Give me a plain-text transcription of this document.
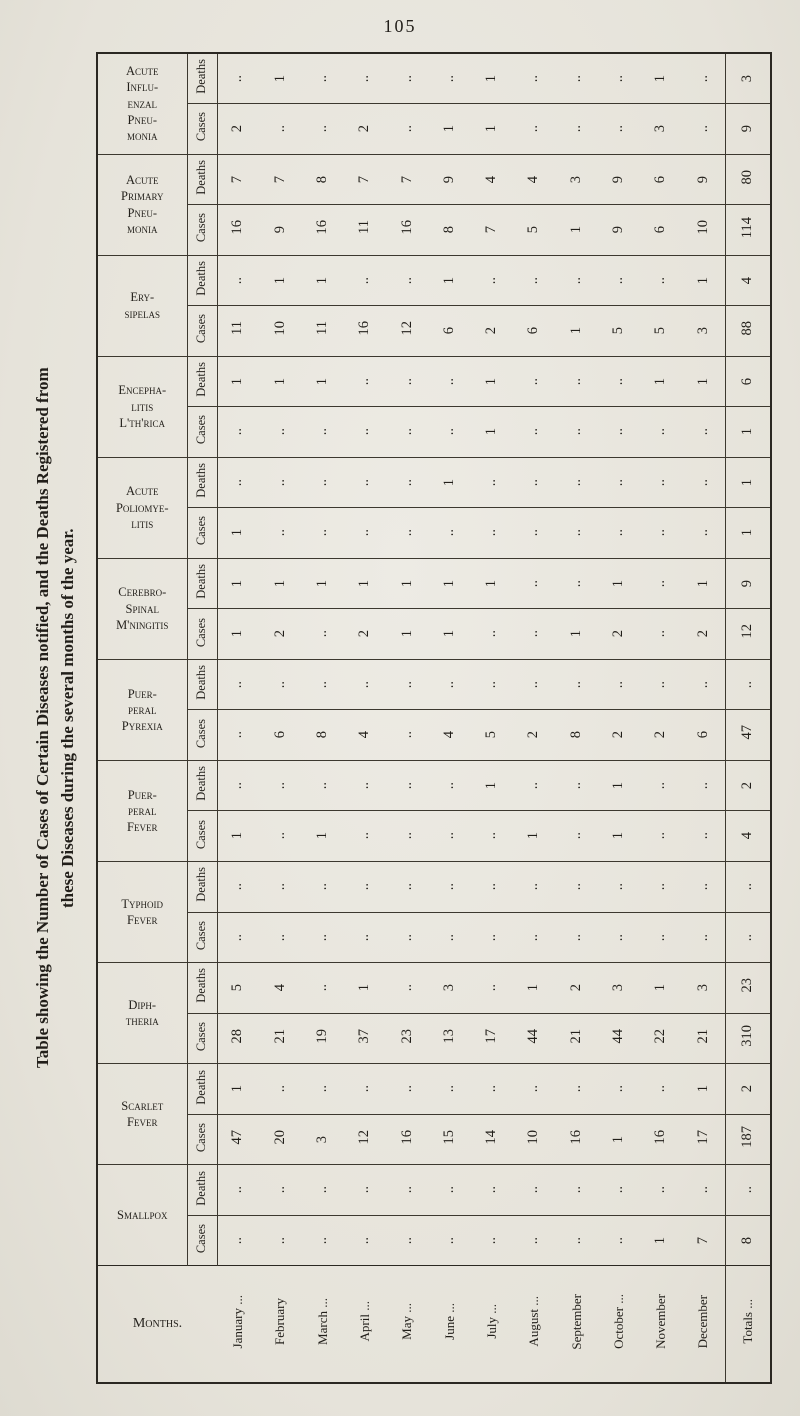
105
Table showing the Number of Cases of Certain Diseases notified, and the Deaths Registered from these Diseases during the several months of the year.
Acute
Influ-
enzal
Pneu-
monia	Deaths	..	1	..	..	..	..	1	..	..	..	1	..	3
	Cases	2	..	..	2	..	1	1	..	..	..	3	..	9

Acute
Primary
Pneu-
monia	Deaths	7	7	8	7	7	9	4	4	3	9	6	9	80
	Cases	16	9	16	11	16	8	7	5	1	9	6	10	114

Ery-
sipelas	Deaths	..	1	1	..	..	1	..	..	..	..	..	1	4
	Cases	11	10	11	16	12	6	2	6	1	5	5	3	88

Encepha-
litis
L'th'rica	Deaths	1	1	1	..	..	..	1	..	..	..	1	1	6
	Cases	..	..	..	..	..	..	1	..	..	..	..	..	1

Acute
Poliomye-
litis	Deaths	..	..	..	..	..	1	..	..	..	..	..	..	1
	Cases	1	..	..	..	..	..	..	..	..	..	..	..	1

Cerebro-
Spinal
M'ningitis	Deaths	1	1	1	1	1	1	1	..	..	1	..	1	9
	Cases	1	2	..	2	1	1	..	..	1	2	..	2	12

Puer-
peral
Pyrexia	Deaths	..	..	..	..	..	..	..	..	..	..	..	..	..
	Cases	..	6	8	4	..	4	5	2	8	2	2	6	47

Puer-
peral
Fever	Deaths	..	..	..	..	..	..	1	..	..	1	..	..	2
	Cases	1	..	1	..	..	..	..	1	..	1	..	..	4

Typhoid
Fever	Deaths	..	..	..	..	..	..	..	..	..	..	..	..	..
	Cases	..	..	..	..	..	..	..	..	..	..	..	..	..

Diph-
theria	Deaths	5	4	..	1	..	3	..	1	2	3	1	3	23
	Cases	28	21	19	37	23	13	17	44	21	44	22	21	310

Scarlet
Fever	Deaths	1	..	..	..	..	..	..	..	..	..	..	1	2
	Cases	47	20	3	12	16	15	14	10	16	1	16	17	187

Smallpox	Deaths	..	..	..	..	..	..	..	..	..	..	..	..	..
	Cases	..	..	..	..	..	..	..	..	..	..	1	7	8
Months.		January ...	February	March ...	April ...	May ...	June ...	July ...	August ...	September	October ...	November	December	Totals ...
